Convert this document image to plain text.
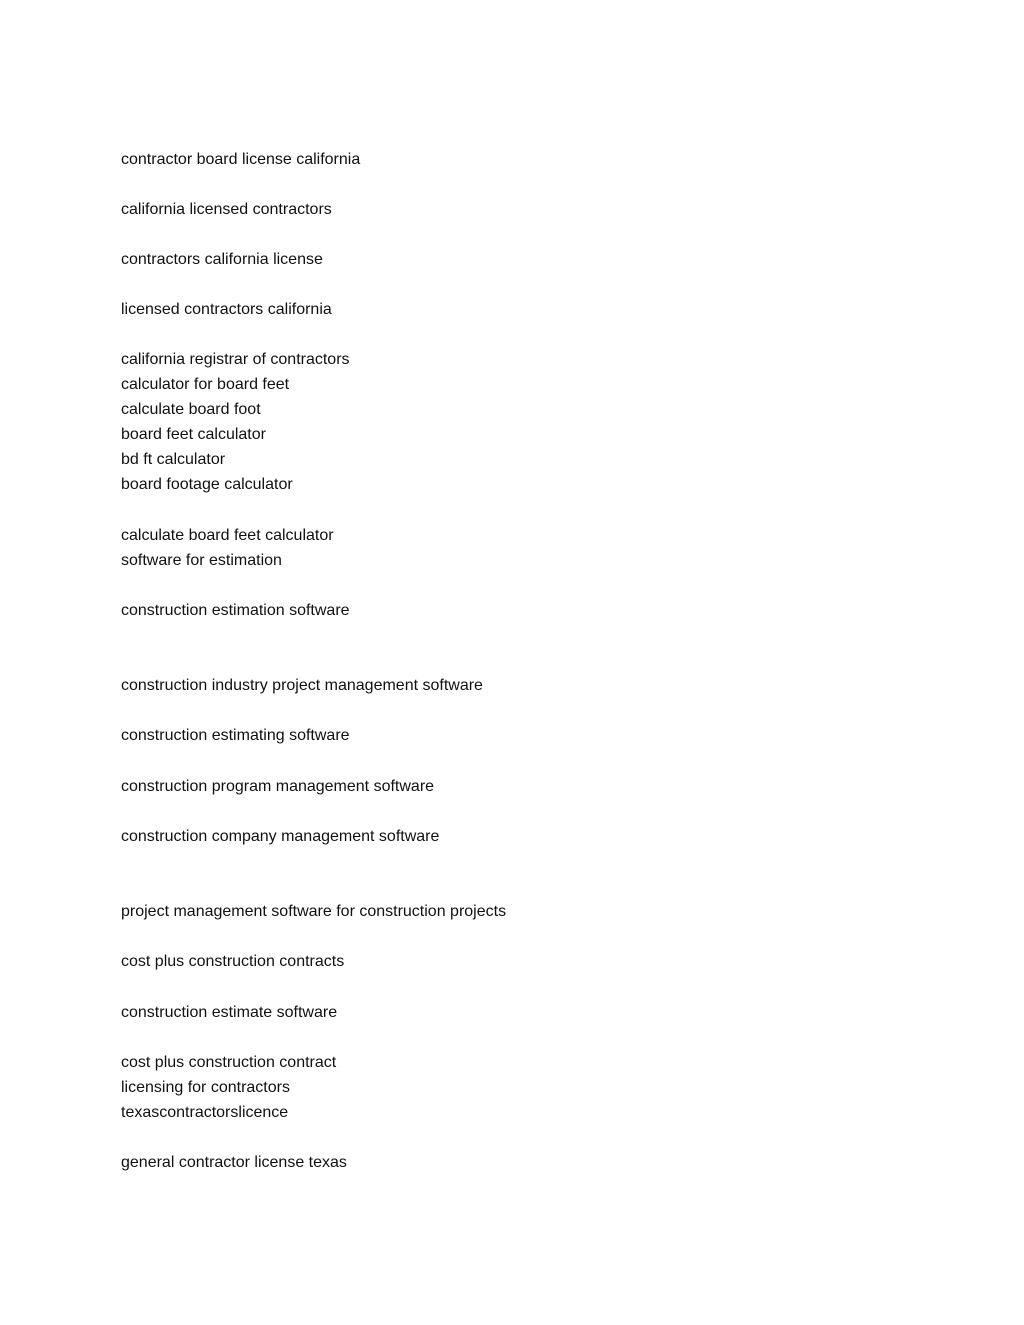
contractor board license california

california licensed contractors

contractors california license

licensed contractors california

california registrar of contractors

calculator for board feet

calculate board foot

board feet calculator

bd ft calculator

board footage calculator

calculate board feet calculator

software for estimation

construction estimation software

construction industry project management software

construction estimating software

construction program management software

construction company management software

project management software for construction projects

cost plus construction contracts

construction estimate software

cost plus construction contract

licensing for contractors

texascontractorslicence

general contractor license texas
